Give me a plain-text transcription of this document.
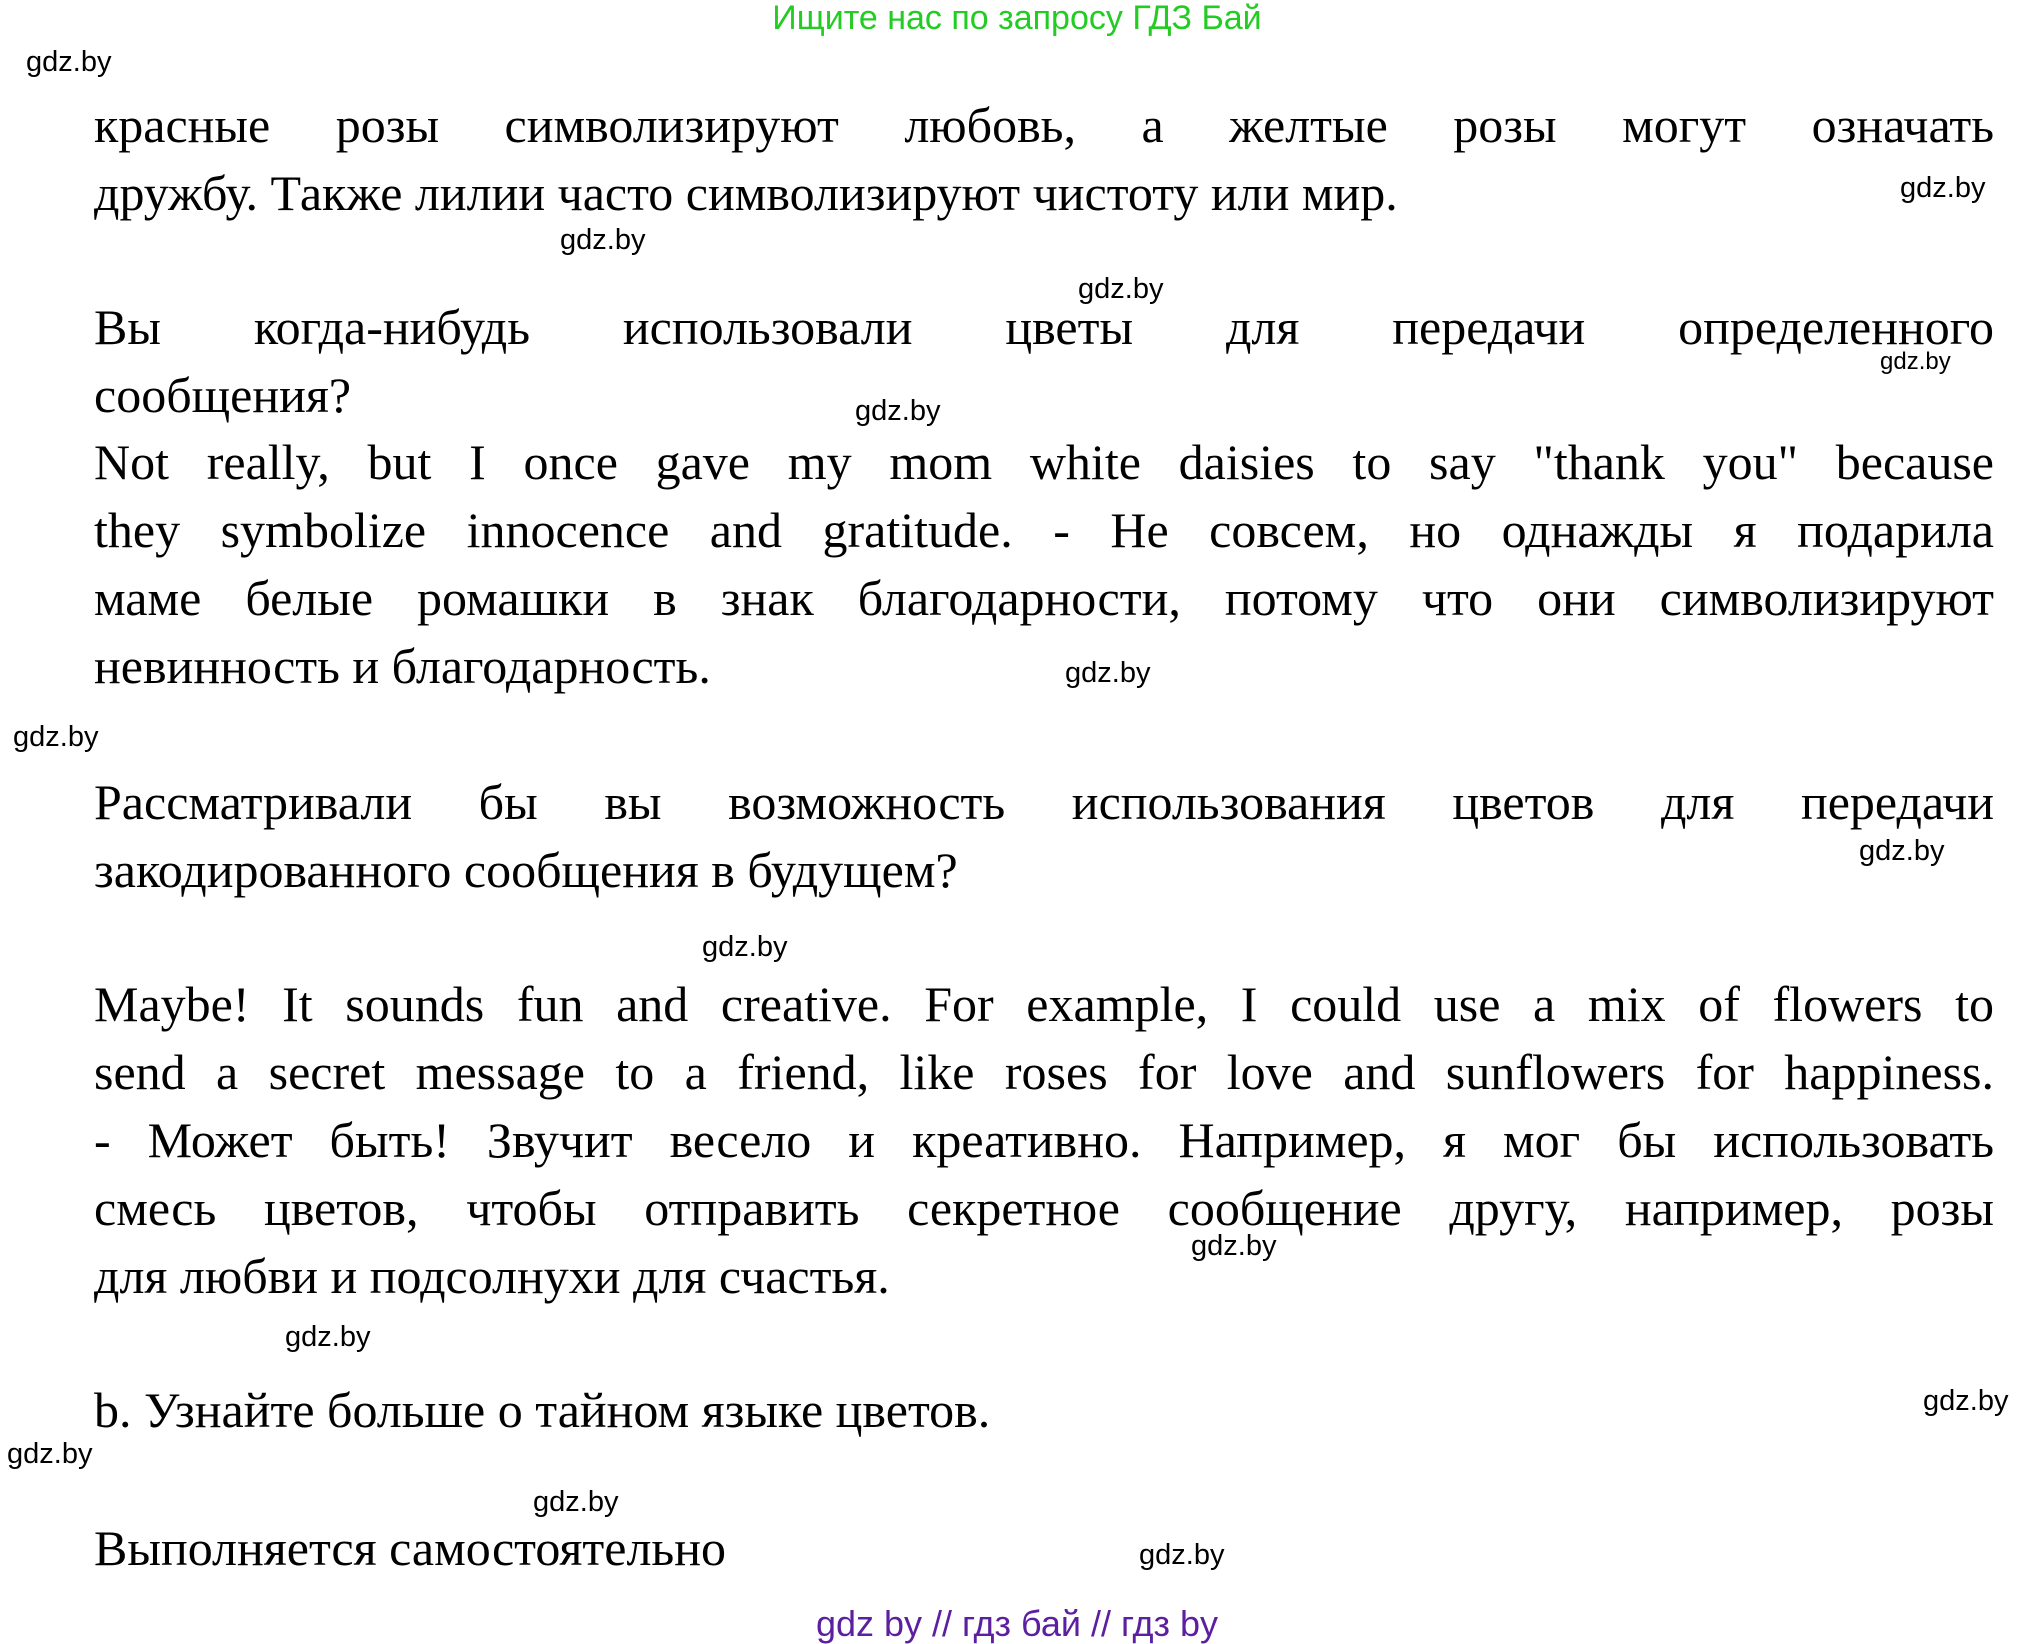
Ищите нас по запросу ГДЗ Бай
красные розы символизируют любовь, а желтые розы могут означать
дружбу. Также лилии часто символизируют чистоту или мир.
Вы когда-нибудь использовали цветы для передачи определенного
сообщения?
Not really, but I once gave my mom white daisies to say "thank you" because
they symbolize innocence and gratitude. - Не совсем, но однажды я подарила
маме белые ромашки в знак благодарности, потому что они символизируют
невинность и благодарность.
Рассматривали бы вы возможность использования цветов для передачи
закодированного сообщения в будущем?
Maybe! It sounds fun and creative. For example, I could use a mix of flowers to
send a secret message to a friend, like roses for love and sunflowers for happiness.
- Может быть! Звучит весело и креативно. Например, я мог бы использовать
смесь цветов, чтобы отправить секретное сообщение другу, например, розы
для любви и подсолнухи для счастья.
b. Узнайте больше о тайном языке цветов.
Выполняется самостоятельно
gdz.by
gdz.by
gdz.by
gdz.by
gdz.by
gdz.by
gdz.by
gdz.by
gdz.by
gdz.by
gdz.by
gdz.by
gdz.by
gdz.by
gdz.by
gdz.by
gdz by // гдз бай // гдз by
